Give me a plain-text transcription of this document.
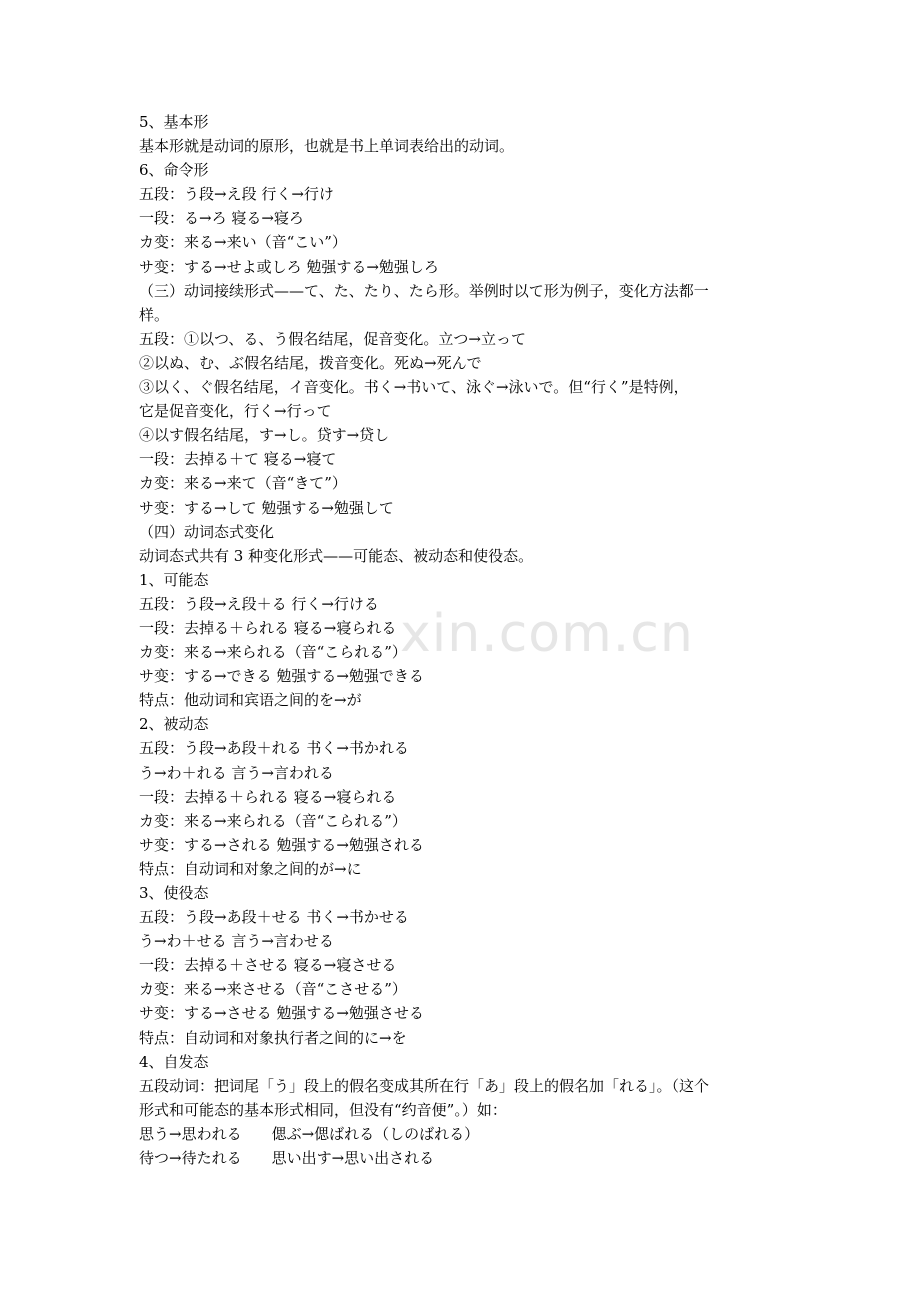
xin.com.cn
5、基本形
基本形就是动词的原形，也就是书上单词表给出的动词。
6、命令形
五段：う段→え段 行く→行け
一段：る→ろ 寝る→寝ろ
カ变：来る→来い（音“こい”）
サ变：する→せよ或しろ 勉强する→勉强しろ
（三）动词接续形式——て、た、たり、たら形。举例时以て形为例子，变化方法都一
样。
五段：①以つ、る、う假名结尾，促音变化。立つ→立って
②以ぬ、む、ぶ假名结尾，拨音变化。死ぬ→死んで
③以く、ぐ假名结尾，イ音变化。书く→书いて、泳ぐ→泳いで。但“行く”是特例，
它是促音变化，行く→行って
④以す假名结尾，す→し。贷す→贷し
一段：去掉る＋て 寝る→寝て
カ变：来る→来て（音“きて”）
サ变：する→して 勉强する→勉强して
（四）动词态式变化
动词态式共有 3 种变化形式——可能态、被动态和使役态。
1、可能态
五段：う段→え段＋る 行く→行ける
一段：去掉る＋られる 寝る→寝られる
カ变：来る→来られる（音“こられる”）
サ变：する→できる 勉强する→勉强できる
特点：他动词和宾语之间的を→が
2、被动态
五段：う段→あ段＋れる 书く→书かれる
う→わ＋れる 言う→言われる
一段：去掉る＋られる 寝る→寝られる
カ变：来る→来られる（音“こられる”）
サ变：する→される 勉强する→勉强される
特点：自动词和对象之间的が→に
3、使役态
五段：う段→あ段＋せる 书く→书かせる
う→わ＋せる 言う→言わせる
一段：去掉る＋させる 寝る→寝させる
カ变：来る→来させる（音“こさせる”）
サ变：する→させる 勉强する→勉强させる
特点：自动词和对象执行者之间的に→を
4、自发态
五段动词：把词尾「う」段上的假名变成其所在行「あ」段上的假名加「れる」。（这个
形式和可能态的基本形式相同，但没有“约音便”。）如：
思う→思われる　　偲ぶ→偲ばれる（しのばれる）
待つ→待たれる　　思い出す→思い出される
